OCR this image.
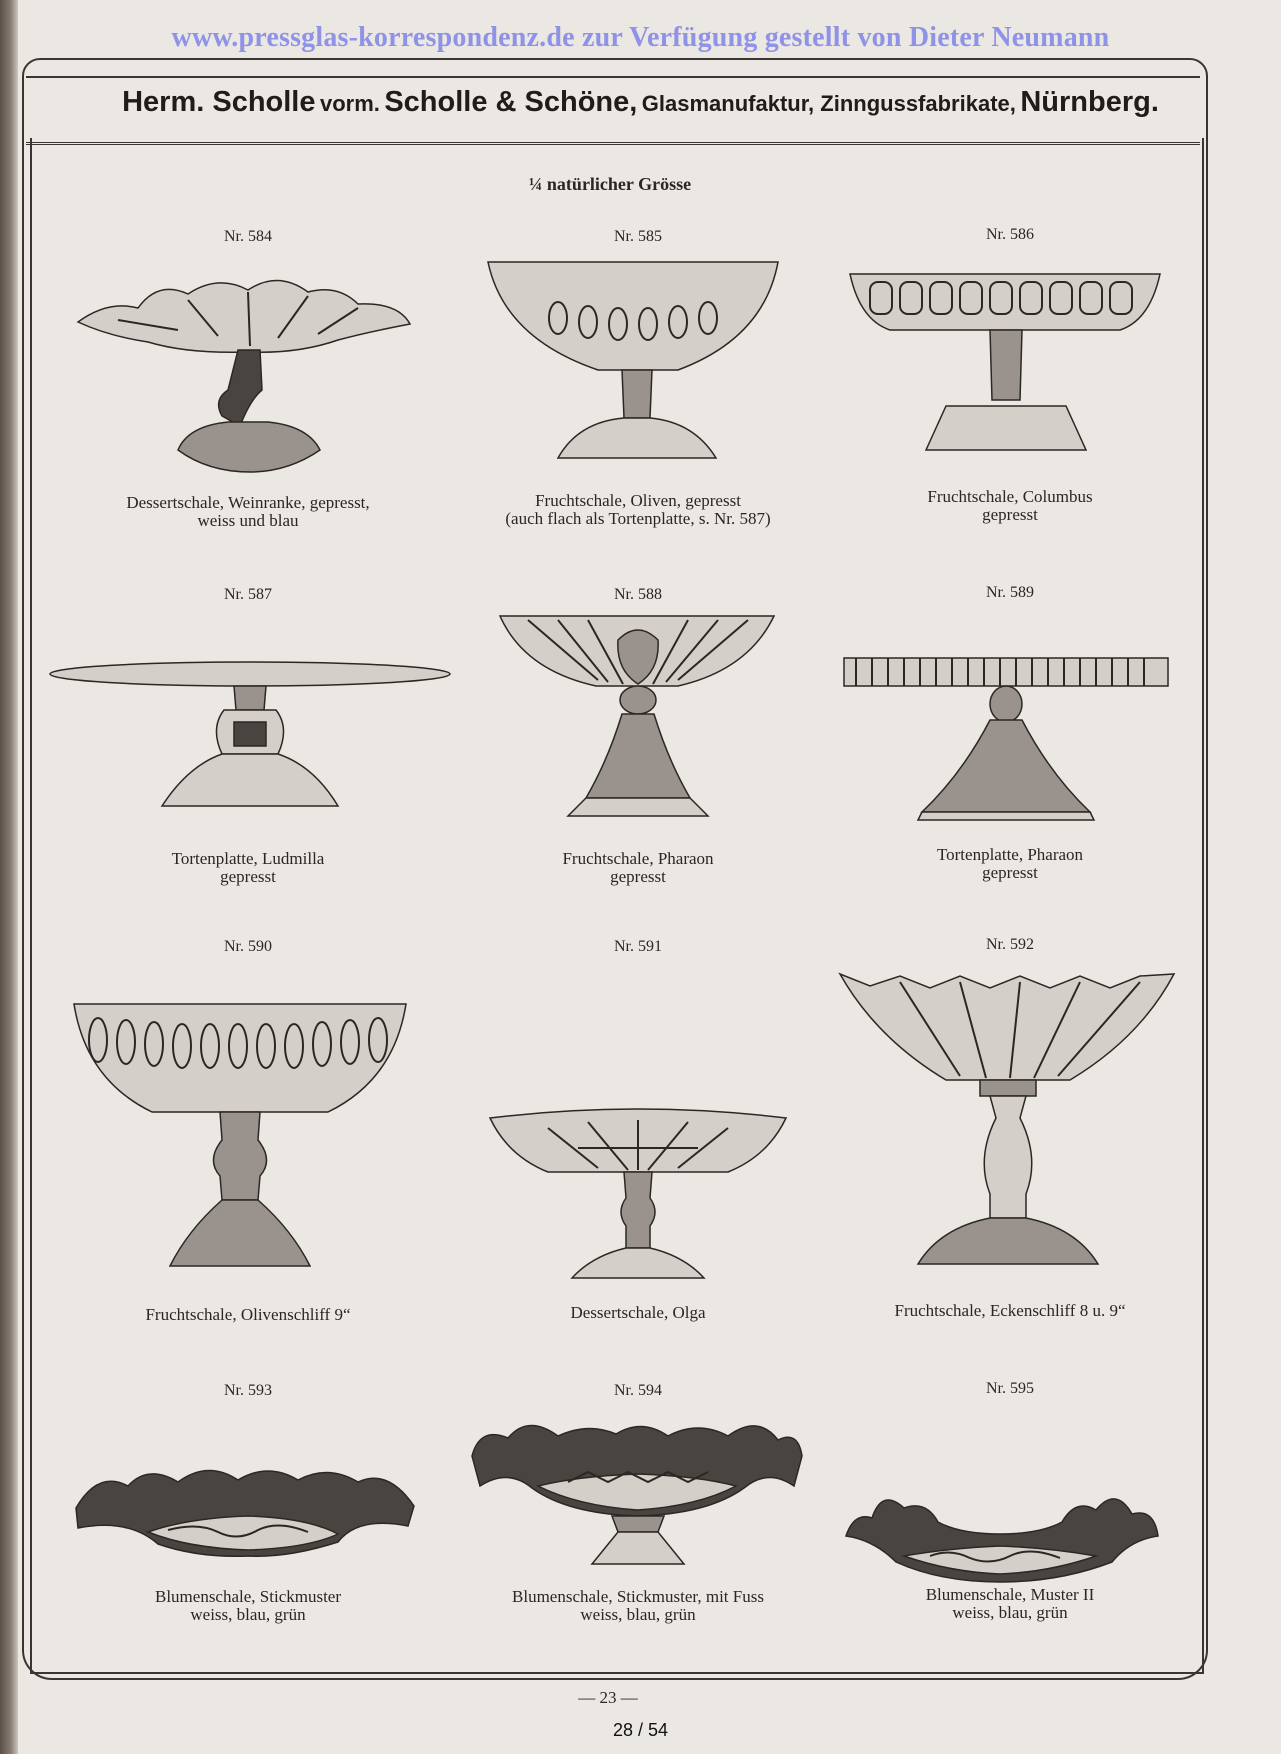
www.pressglas-korrespondenz.de zur Verfügung gestellt von Dieter Neumann
Herm. Scholle vorm. Scholle & Schöne, Glasmanufaktur, Zinngussfabrikate, Nürnberg.
¼ natürlicher Grösse
Nr. 584
Dessertschale, Weinranke, gepresst,
weiss und blau
Nr. 585
Fruchtschale, Oliven, gepresst
(auch flach als Tortenplatte, s. Nr. 587)
Nr. 586
Fruchtschale, Columbus
gepresst
Nr. 587
Tortenplatte, Ludmilla
gepresst
Nr. 588
Fruchtschale, Pharaon
gepresst
Nr. 589
Tortenplatte, Pharaon
gepresst
Nr. 590
Fruchtschale, Olivenschliff 9“
Nr. 591
Dessertschale, Olga
Nr. 592
Fruchtschale, Eckenschliff 8 u. 9“
Nr. 593
Blumenschale, Stickmuster
weiss, blau, grün
Nr. 594
Blumenschale, Stickmuster, mit Fuss
weiss, blau, grün
Nr. 595
Blumenschale, Muster II
weiss, blau, grün
— 23 —
28 / 54
